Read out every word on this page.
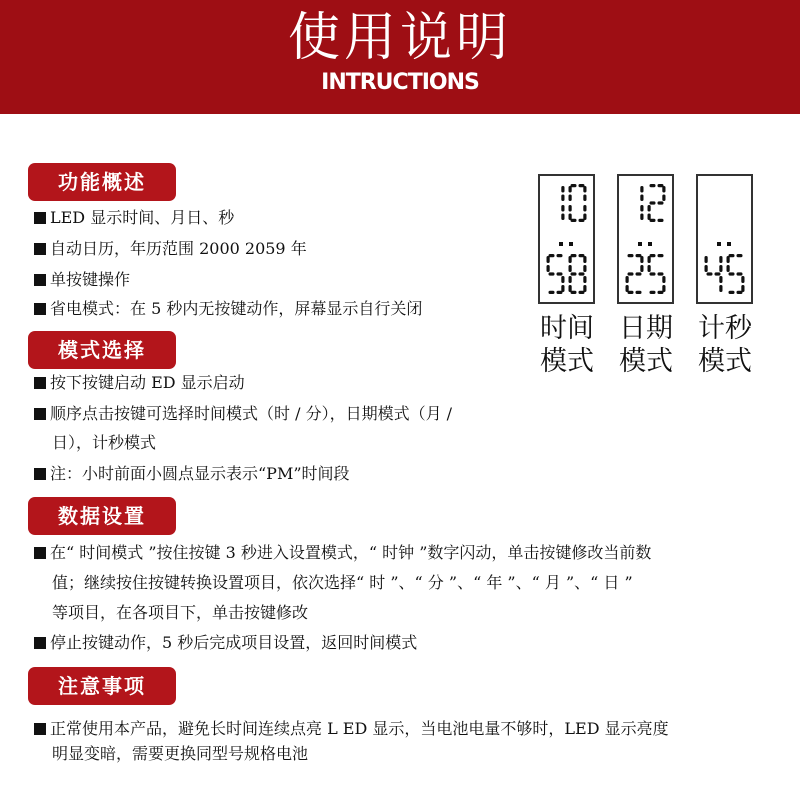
使用说明
INTRUCTIONS
功能概述
LED 显示时间、月日、秒
自动日历，年历范围 2000 2059 年
单按键操作
省电模式：在 5 秒内无按键动作，屏幕显示自行关闭
模式选择
按下按键启动 ED 显示启动
顺序点击按键可选择时间模式（时 / 分），日期模式（月 /
日），计秒模式
注：小时前面小圆点显示表示“PM”时间段
数据设置
在“ 时间模式 ”按住按键 3 秒进入设置模式，“ 时钟 ”数字闪动，单击按键修改当前数
值；继续按住按键转换设置项目，依次选择“ 时 ”、“ 分 ”、“ 年 ”、“ 月 ”、“ 日 ”
等项目，在各项目下，单击按键修改
停止按键动作，5 秒后完成项目设置，返回时间模式
注意事项
正常使用本产品，避免长时间连续点亮 L ED 显示，当电池电量不够时，LED 显示亮度
明显变暗，需要更换同型号规格电池
时间
模式
日期
模式
计秒
模式
